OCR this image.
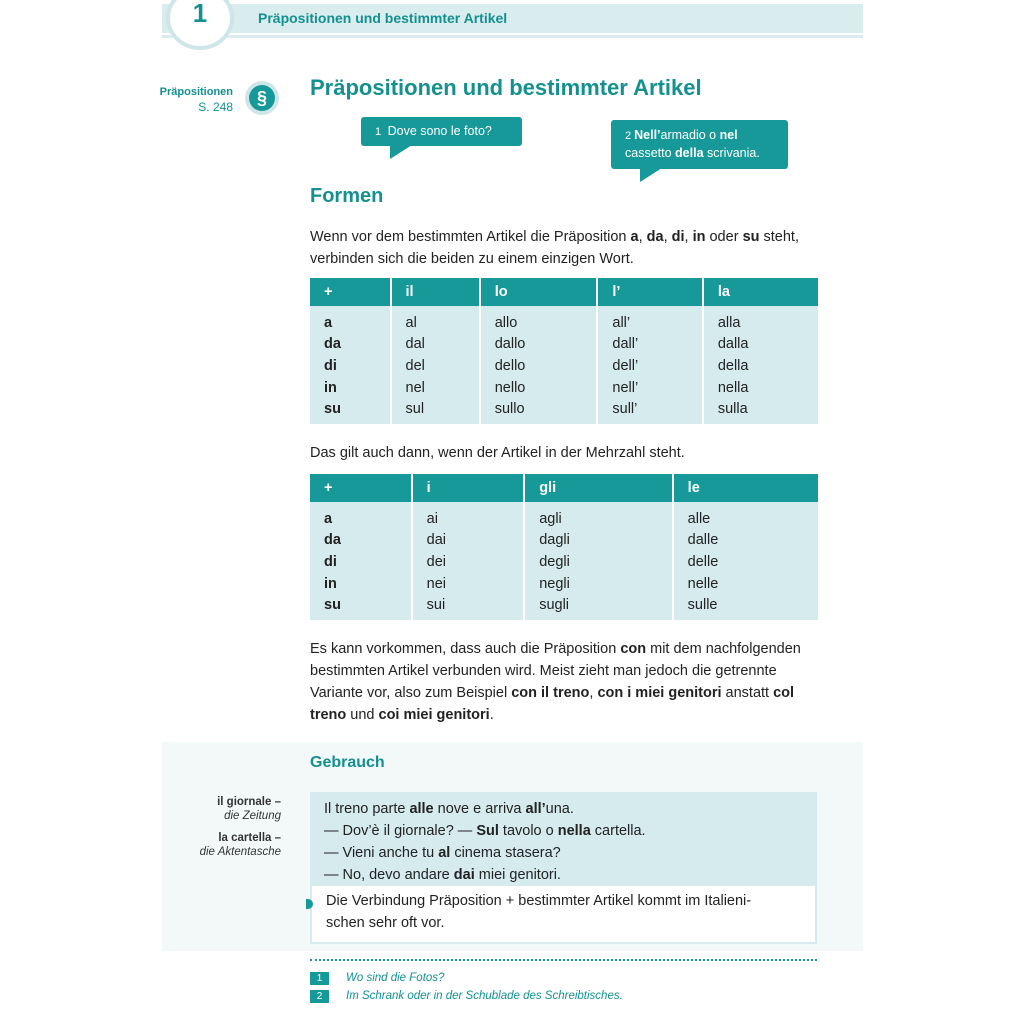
1	Präpositionen und bestimmter Artikel
Präpositionen
S. 248	§	Präpositionen und bestimmter Artikel
1 Dove sono le foto?	2 Nell’armadio o nel
cassetto della scrivania.
Formen
Wenn vor dem bestimmten Artikel die Präposition a, da, di, in oder su steht,
verbinden sich die beiden zu einem einzigen Wort.
+	il	lo	l’	la
a	al	allo	all’	alla
da	dal	dallo	dall’	dalla
di	del	dello	dell’	della
in	nel	nello	nell’	nella
su	sul	sullo	sull’	sulla
Das gilt auch dann, wenn der Artikel in der Mehrzahl steht.
+	i	gli	le
a	ai	agli	alle
da	dai	dagli	dalle
di	dei	degli	delle
in	nei	negli	nelle
su	sui	sugli	sulle
Es kann vorkommen, dass auch die Präposition con mit dem nachfolgenden
bestimmten Artikel verbunden wird. Meist zieht man jedoch die getrennte
Variante vor, also zum Beispiel con il treno, con i miei genitori anstatt col
treno und coi miei genitori.
Gebrauch
il giornale –
die Zeitung
la cartella –
die Aktentasche
Il treno parte alle nove e arriva all’una.
— Dov’è il giornale? — Sul tavolo o nella cartella.
— Vieni anche tu al cinema stasera?
— No, devo andare dai miei genitori.
Die Verbindung Präposition + bestimmter Artikel kommt im Italieni-
schen sehr oft vor.
1	Wo sind die Fotos?
2	Im Schrank oder in der Schublade des Schreibtisches.
